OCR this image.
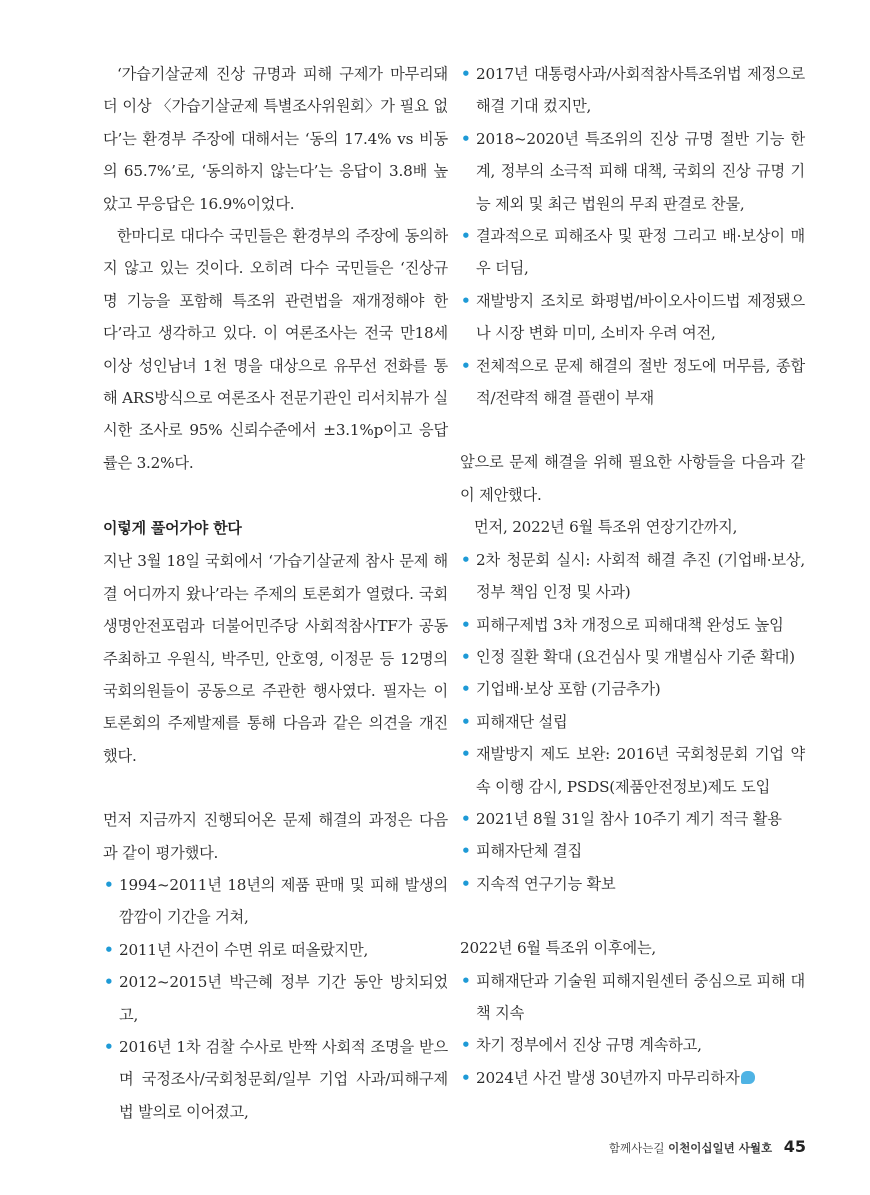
‘가습기살균제 진상 규명과 피해 구제가 마무리돼 더 이상 〈가습기살균제 특별조사위원회〉가 필요 없다’는 환경부 주장에 대해서는 ‘동의 17.4% vs 비동의 65.7%’로, ‘동의하지 않는다’는 응답이 3.8배 높았고 무응답은 16.9%이었다.

한마디로 대다수 국민들은 환경부의 주장에 동의하지 않고 있는 것이다. 오히려 다수 국민들은 ‘진상규명 기능을 포함해 특조위 관련법을 재개정해야 한다’라고 생각하고 있다. 이 여론조사는 전국 만18세 이상 성인남녀 1천 명을 대상으로 유무선 전화를 통해 ARS방식으로 여론조사 전문기관인 리서치뷰가 실시한 조사로 95% 신뢰수준에서 ±3.1%p이고 응답률은 3.2%다.

이렇게 풀어가야 한다

지난 3월 18일 국회에서 ‘가습기살균제 참사 문제 해결 어디까지 왔나’라는 주제의 토론회가 열렸다. 국회생명안전포럼과 더불어민주당 사회적참사TF가 공동주최하고 우원식, 박주민, 안호영, 이정문 등 12명의 국회의원들이 공동으로 주관한 행사였다. 필자는 이 토론회의 주제발제를 통해 다음과 같은 의견을 개진했다.

먼저 지금까지 진행되어온 문제 해결의 과정은 다음과 같이 평가했다.

• 1994~2011년 18년의 제품 판매 및 피해 발생의 깜깜이 기간을 거쳐,
• 2011년 사건이 수면 위로 떠올랐지만,
• 2012~2015년 박근혜 정부 기간 동안 방치되었고,
• 2016년 1차 검찰 수사로 반짝 사회적 조명을 받으며 국정조사/국회청문회/일부 기업 사과/피해구제법 발의로 이어졌고,
• 2017년 대통령사과/사회적참사특조위법 제정으로 해결 기대 컸지만,
• 2018~2020년 특조위의 진상 규명 절반 기능 한계, 정부의 소극적 피해 대책, 국회의 진상 규명 기능 제외 및 최근 법원의 무죄 판결로 찬물,
• 결과적으로 피해조사 및 판정 그리고 배·보상이 매우 더딤,
• 재발방지 조치로 화평법/바이오사이드법 제정됐으나 시장 변화 미미, 소비자 우려 여전,
• 전체적으로 문제 해결의 절반 정도에 머무름, 종합적/전략적 해결 플랜이 부재

앞으로 문제 해결을 위해 필요한 사항들을 다음과 같이 제안했다.

먼저, 2022년 6월 특조위 연장기간까지,

• 2차 청문회 실시: 사회적 해결 추진 (기업배·보상, 정부 책임 인정 및 사과)
• 피해구제법 3차 개정으로 피해대책 완성도 높임
• 인정 질환 확대 (요건심사 및 개별심사 기준 확대)
• 기업배·보상 포함 (기금추가)
• 피해재단 설립
• 재발방지 제도 보완: 2016년 국회청문회 기업 약속 이행 감시, PSDS(제품안전정보)제도 도입
• 2021년 8월 31일 참사 10주기 계기 적극 활용
• 피해자단체 결집
• 지속적 연구기능 확보

2022년 6월 특조위 이후에는,

• 피해재단과 기술원 피해지원센터 중심으로 피해 대책 지속
• 차기 정부에서 진상 규명 계속하고,
• 2024년 사건 발생 30년까지 마무리하자
함께사는길 이천이십일년 사월호 45
